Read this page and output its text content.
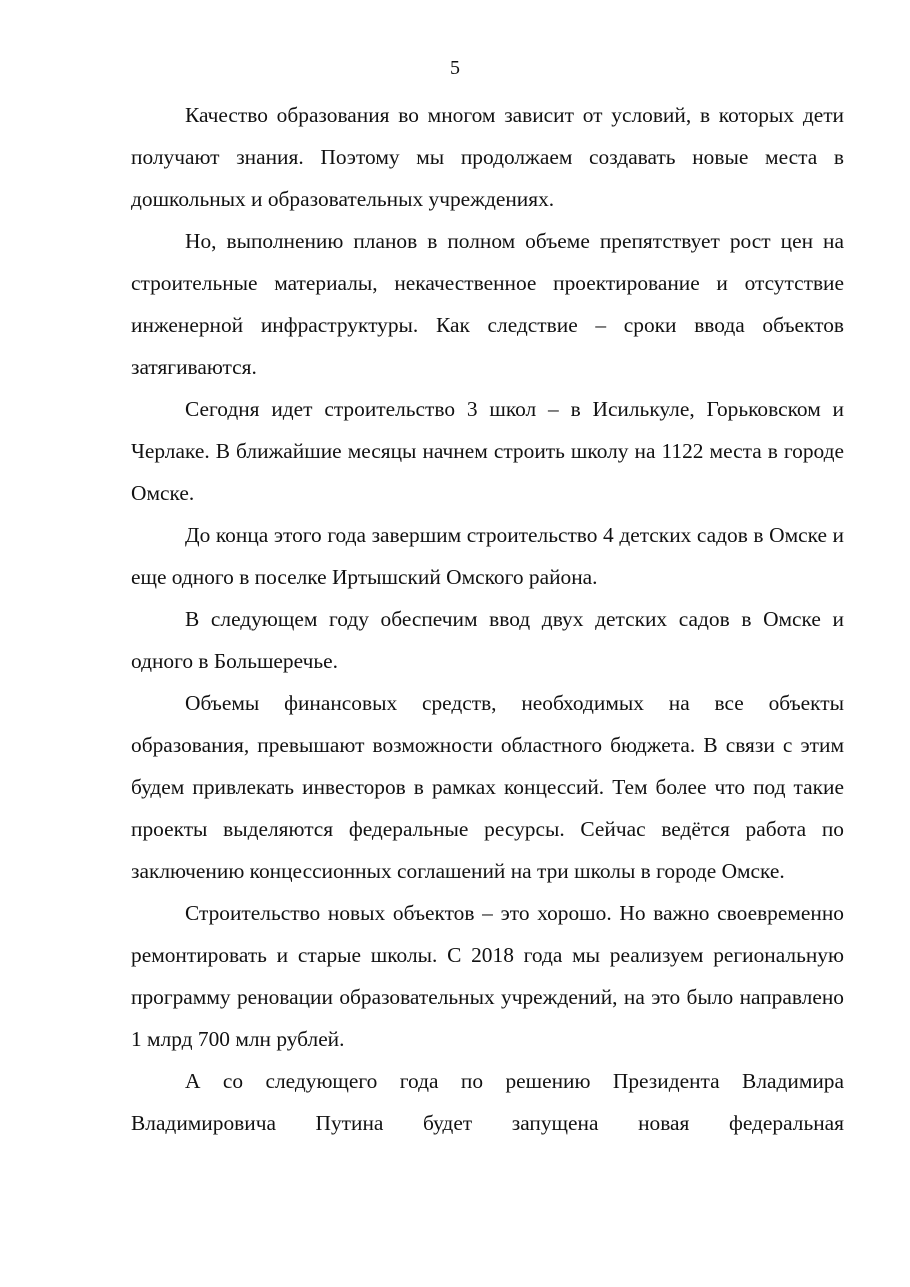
5

Качество образования во многом зависит от условий, в которых дети получают знания. Поэтому мы продолжаем создавать новые места в дошкольных и образовательных учреждениях.

Но, выполнению планов в полном объеме препятствует рост цен на строительные материалы, некачественное проектирование и отсутствие инженерной инфраструктуры. Как следствие – сроки ввода объектов затягиваются.

Сегодня идет строительство 3 школ – в Исилькуле, Горьковском и Черлаке. В ближайшие месяцы начнем строить школу на 1122 места в городе Омске.

До конца этого года завершим строительство 4 детских садов в Омске и еще одного в поселке Иртышский Омского района.

В следующем году обеспечим ввод двух детских садов в Омске и одного в Большеречье.

Объемы финансовых средств, необходимых на все объекты образования, превышают возможности областного бюджета. В связи с этим будем привлекать инвесторов в рамках концессий. Тем более что под такие проекты выделяются федеральные ресурсы. Сейчас ведётся работа по заключению концессионных соглашений на три школы в городе Омске.

Строительство новых объектов – это хорошо. Но важно своевременно ремонтировать и старые школы. С 2018 года мы реализуем региональную программу реновации образовательных учреждений, на это было направлено 1 млрд 700 млн рублей.

А со следующего года по решению Президента Владимира Владимировича Путина будет запущена новая федеральная
